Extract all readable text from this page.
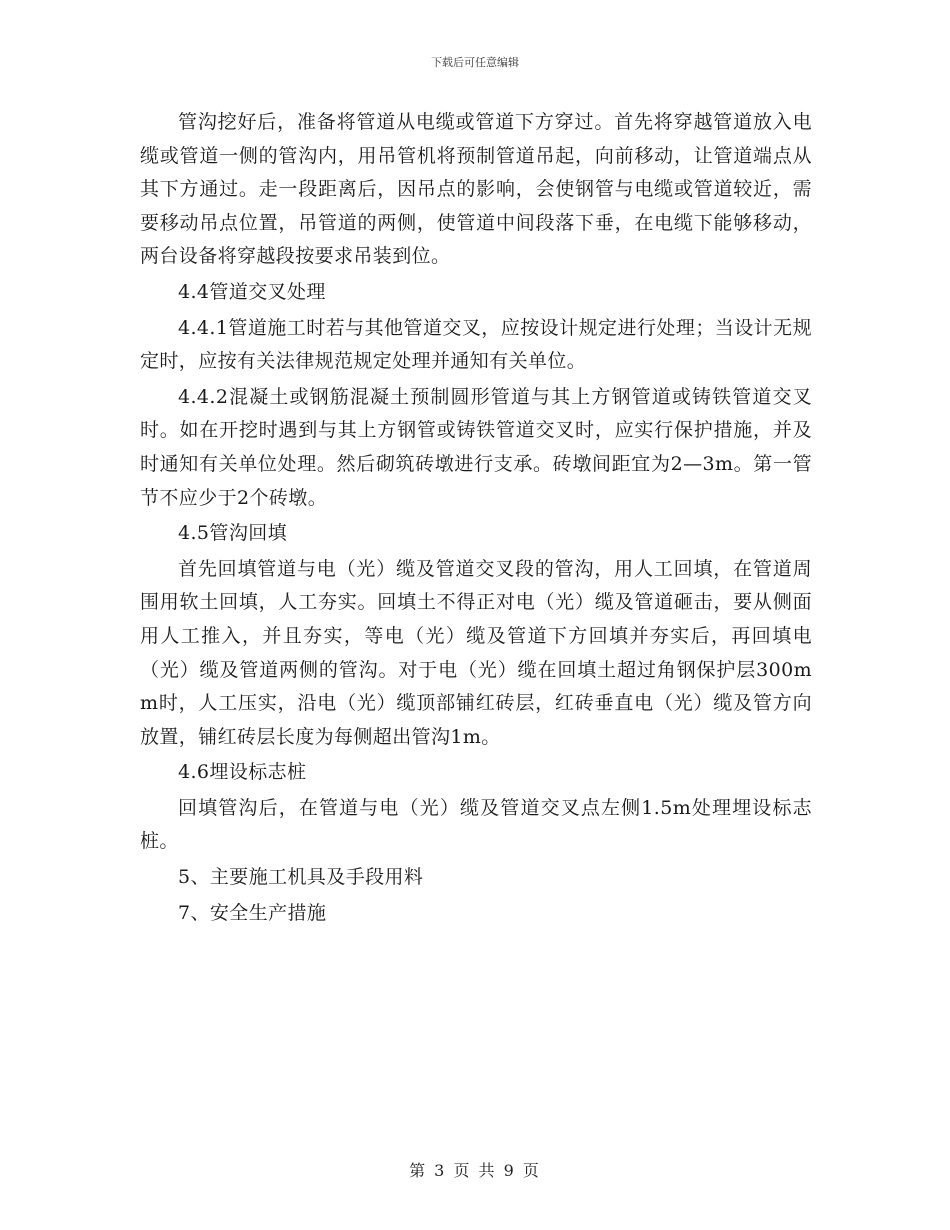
下载后可任意编辑

管沟挖好后，准备将管道从电缆或管道下方穿过。首先将穿越管道放入电缆或管道一侧的管沟内，用吊管机将预制管道吊起，向前移动，让管道端点从其下方通过。走一段距离后，因吊点的影响，会使钢管与电缆或管道较近，需要移动吊点位置，吊管道的两侧，使管道中间段落下垂，在电缆下能够移动，两台设备将穿越段按要求吊装到位。

4.4管道交叉处理

4.4.1管道施工时若与其他管道交叉，应按设计规定进行处理；当设计无规定时，应按有关法律规范规定处理并通知有关单位。

4.4.2混凝土或钢筋混凝土预制圆形管道与其上方钢管道或铸铁管道交叉时。如在开挖时遇到与其上方钢管或铸铁管道交叉时，应实行保护措施，并及时通知有关单位处理。然后砌筑砖墩进行支承。砖墩间距宜为2—3m。第一管节不应少于2个砖墩。

4.5管沟回填

首先回填管道与电（光）缆及管道交叉段的管沟，用人工回填，在管道周围用软土回填，人工夯实。回填土不得正对电（光）缆及管道砸击，要从侧面用人工推入，并且夯实，等电（光）缆及管道下方回填并夯实后，再回填电（光）缆及管道两侧的管沟。对于电（光）缆在回填土超过角钢保护层300mm时，人工压实，沿电（光）缆顶部铺红砖层，红砖垂直电（光）缆及管方向放置，铺红砖层长度为每侧超出管沟1m。

4.6埋设标志桩

回填管沟后，在管道与电（光）缆及管道交叉点左侧1.5m处理埋设标志桩。

5、主要施工机具及手段用料

7、安全生产措施

第 3 页 共 9 页
